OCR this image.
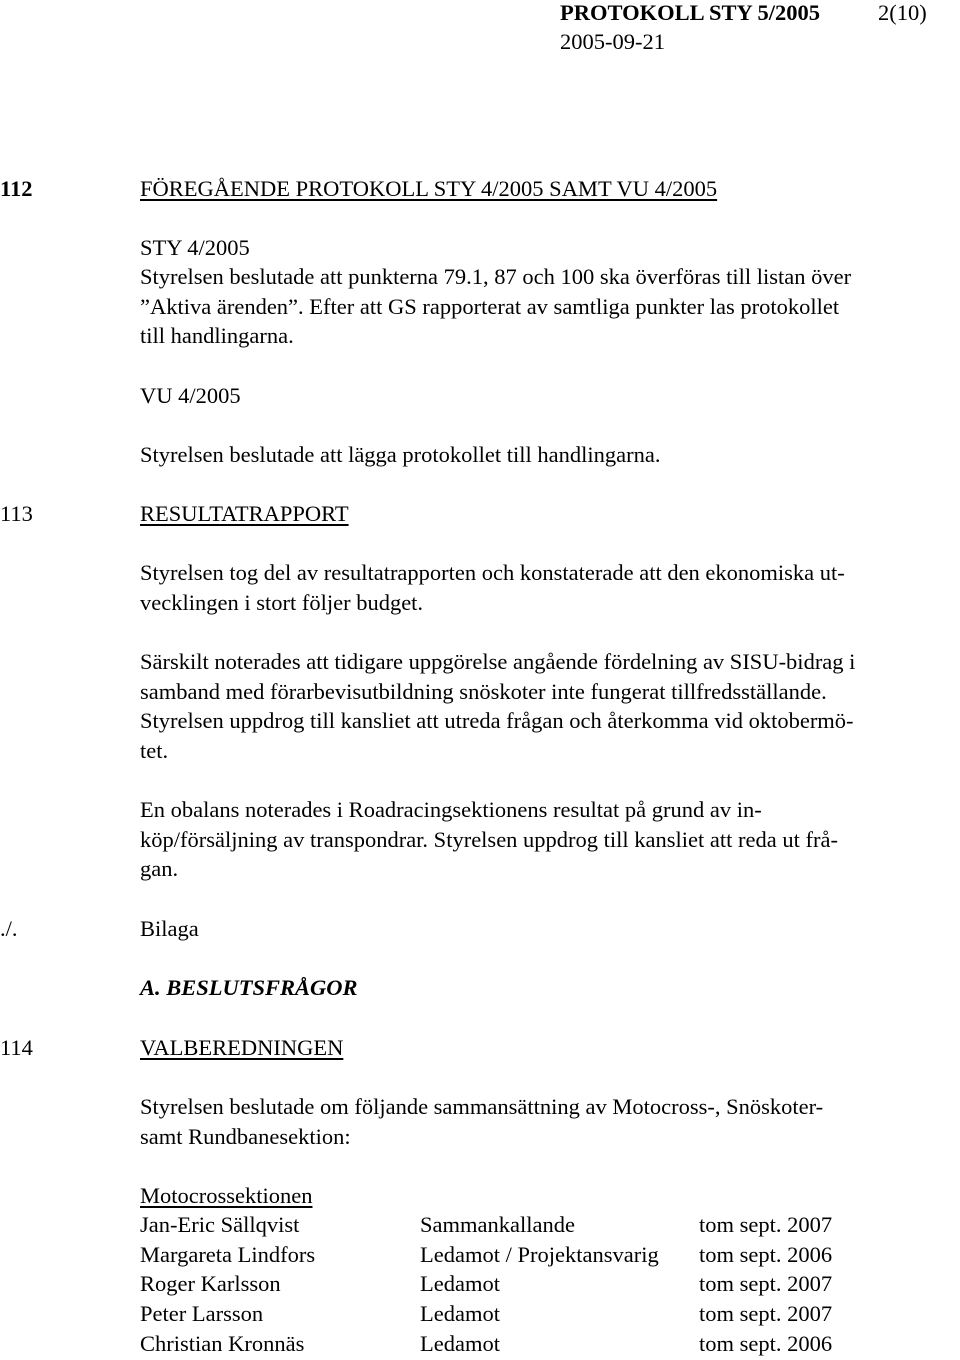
PROTOKOLL STY 5/2005	2(10)
2005-09-21
112	FÖREGÅENDE PROTOKOLL STY 4/2005 SAMT VU 4/2005
STY 4/2005
Styrelsen beslutade att punkterna 79.1, 87 och 100 ska överföras till listan över
”Aktiva ärenden”. Efter att GS rapporterat av samtliga punkter las protokollet
till handlingarna.
VU 4/2005
Styrelsen beslutade att lägga protokollet till handlingarna.
113	RESULTATRAPPORT
Styrelsen tog del av resultatrapporten och konstaterade att den ekonomiska ut-
vecklingen i stort följer budget.
Särskilt noterades att tidigare uppgörelse angående fördelning av SISU-bidrag i
samband med förarbevisutbildning snöskoter inte fungerat tillfredsställande.
Styrelsen uppdrog till kansliet att utreda frågan och återkomma vid oktobermö-
tet.
En obalans noterades i Roadracingsektionens resultat på grund av in-
köp/försäljning av transpondrar. Styrelsen uppdrog till kansliet att reda ut frå-
gan.
./.	Bilaga
A. BESLUTSFRÅGOR
114	VALBEREDNINGEN
Styrelsen beslutade om följande sammansättning av Motocross-, Snöskoter-
samt Rundbanesektion:
Motocrossektionen
Jan-Eric Sällqvist	Sammankallande	tom sept. 2007
Margareta Lindfors	Ledamot / Projektansvarig tom sept. 2006
Roger Karlsson	Ledamot	tom sept. 2007
Peter Larsson	Ledamot	tom sept. 2007
Christian Kronnäs	Ledamot	tom sept. 2006
